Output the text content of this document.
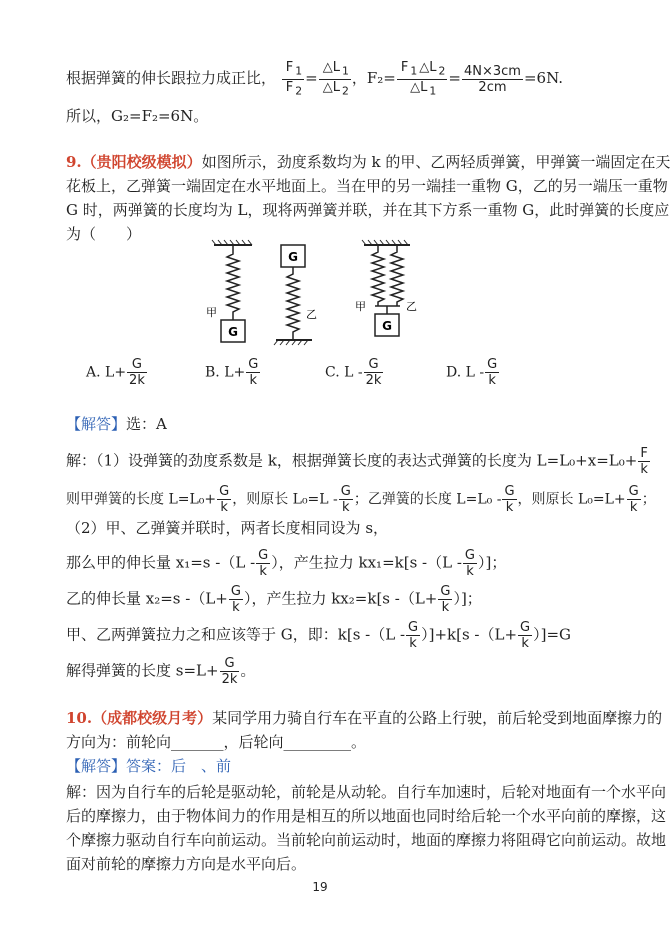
根据弹簧的伸长跟拉力成正比， $\frac{F _1}{F _2} = \frac{\triangle L _1}{\triangle L _2}$ ，$F_2= \frac{F _1 \triangle L _2}{\triangle L _1} = \frac{4N\times 3cm}{2cm} =6N$.
所以，G₂=F₂=6N。
9.（贵阳校级模拟）如图所示，劲度系数均为 k 的甲、乙两轻质弹簧，甲弹簧一端固定在天
花板上，乙弹簧一端固定在水平地面上。当在甲的另一端挂一重物 G，乙的另一端压一重物
G 时，两弹簧的长度均为 L，现将两弹簧并联，并在其下方系一重物 G，此时弹簧的长度应
为（　　）
G
甲
G
乙
G
甲	乙
A. $L+ \frac{G}{2k}$	B. $L+ \frac{G}{k}$	C. L - $\frac{G}{2k}$	D. L - $\frac{G}{k}$
【解答】选：A
解：（1）设弹簧的劲度系数是 k，根据弹簧长度的表达式弹簧的长度为 $L=L_0+x=L_0+ \frac{F}{k}$
则甲弹簧的长度 $L=L_0+ \frac{G}{k}$ ，则原长 $L_0=L - \frac{G}{k}$ ；乙弹簧的长度 $L=L_0 - \frac{G}{k}$ ，则原长 $L_0=L+ \frac{G}{k}$ ；
（2）甲、乙弹簧并联时，两者长度相同设为 s，
那么甲的伸长量 x₁=s $-(L - \frac{G}{k}$ ），产生拉力 kx₁=k[s $-(L - \frac{G}{k}$ ）]；
乙的伸长量 x₂=s $-(L+ \frac{G}{k}$ ），产生拉力 kx₂=k[s $-(L+ \frac{G}{k}$ ）]；
甲、乙两弹簧拉力之和应该等于 G，即：k[s $-(L - \frac{G}{k} )]+k[s$ $-(L+ \frac{G}{k} )]=G$
解得弹簧的长度 $s=L+ \frac{G}{2k}$ 。
10.（成都校级月考）某同学用力骑自行车在平直的公路上行驶，前后轮受到地面摩擦力的
方向为：前轮向_______，后轮向_________。
【解答】答案：后　、前
解：因为自行车的后轮是驱动轮，前轮是从动轮。自行车加速时，后轮对地面有一个水平向
后的摩擦力，由于物体间力的作用是相互的所以地面也同时给后轮一个水平向前的摩擦，这
个摩擦力驱动自行车向前运动。当前轮向前运动时，地面的摩擦力将阻碍它向前运动。故地
面对前轮的摩擦力方向是水平向后。
19
